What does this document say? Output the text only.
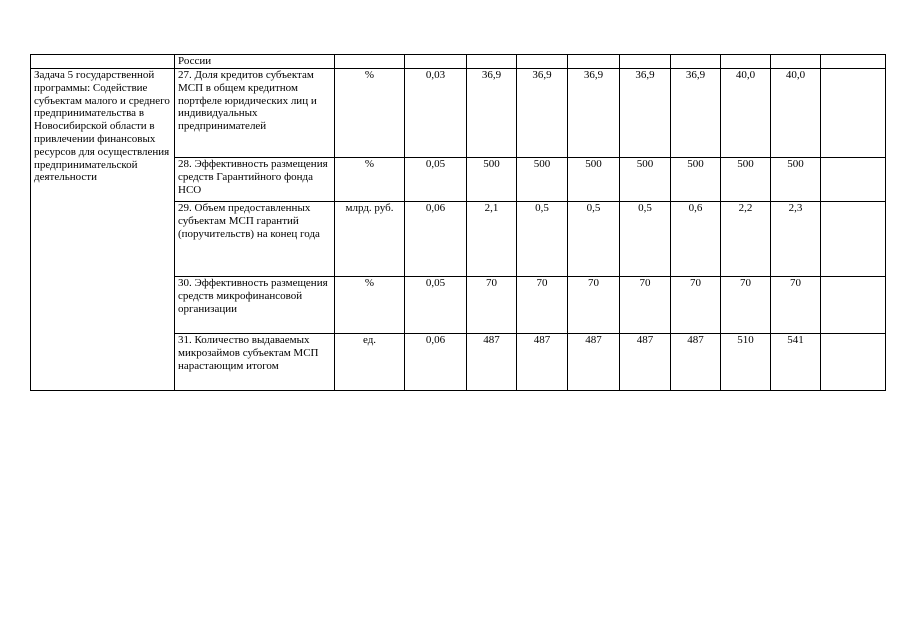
	России										
Задача 5 государственной программы: Содействие субъектам малого и среднего предпринимательства в Новосибирской области в привлечении финансовых ресурсов для осуществления предпринимательской деятельности	27. Доля кредитов субъектам МСП в общем кредитном портфеле юридических лиц и индивидуальных предпринимателей	%	0,03	36,9	36,9	36,9	36,9	36,9	40,0	40,0	
	28. Эффективность размещения средств Гарантийного фонда НСО	%	0,05	500	500	500	500	500	500	500	
	29. Объем предоставленных субъектам МСП гарантий (поручительств) на конец года	млрд. руб.	0,06	2,1	0,5	0,5	0,5	0,6	2,2	2,3	
	30. Эффективность размещения средств микрофинансовой организации	%	0,05	70	70	70	70	70	70	70	
	31. Количество выдаваемых микрозаймов субъектам МСП нарастающим итогом	ед.	0,06	487	487	487	487	487	510	541	
